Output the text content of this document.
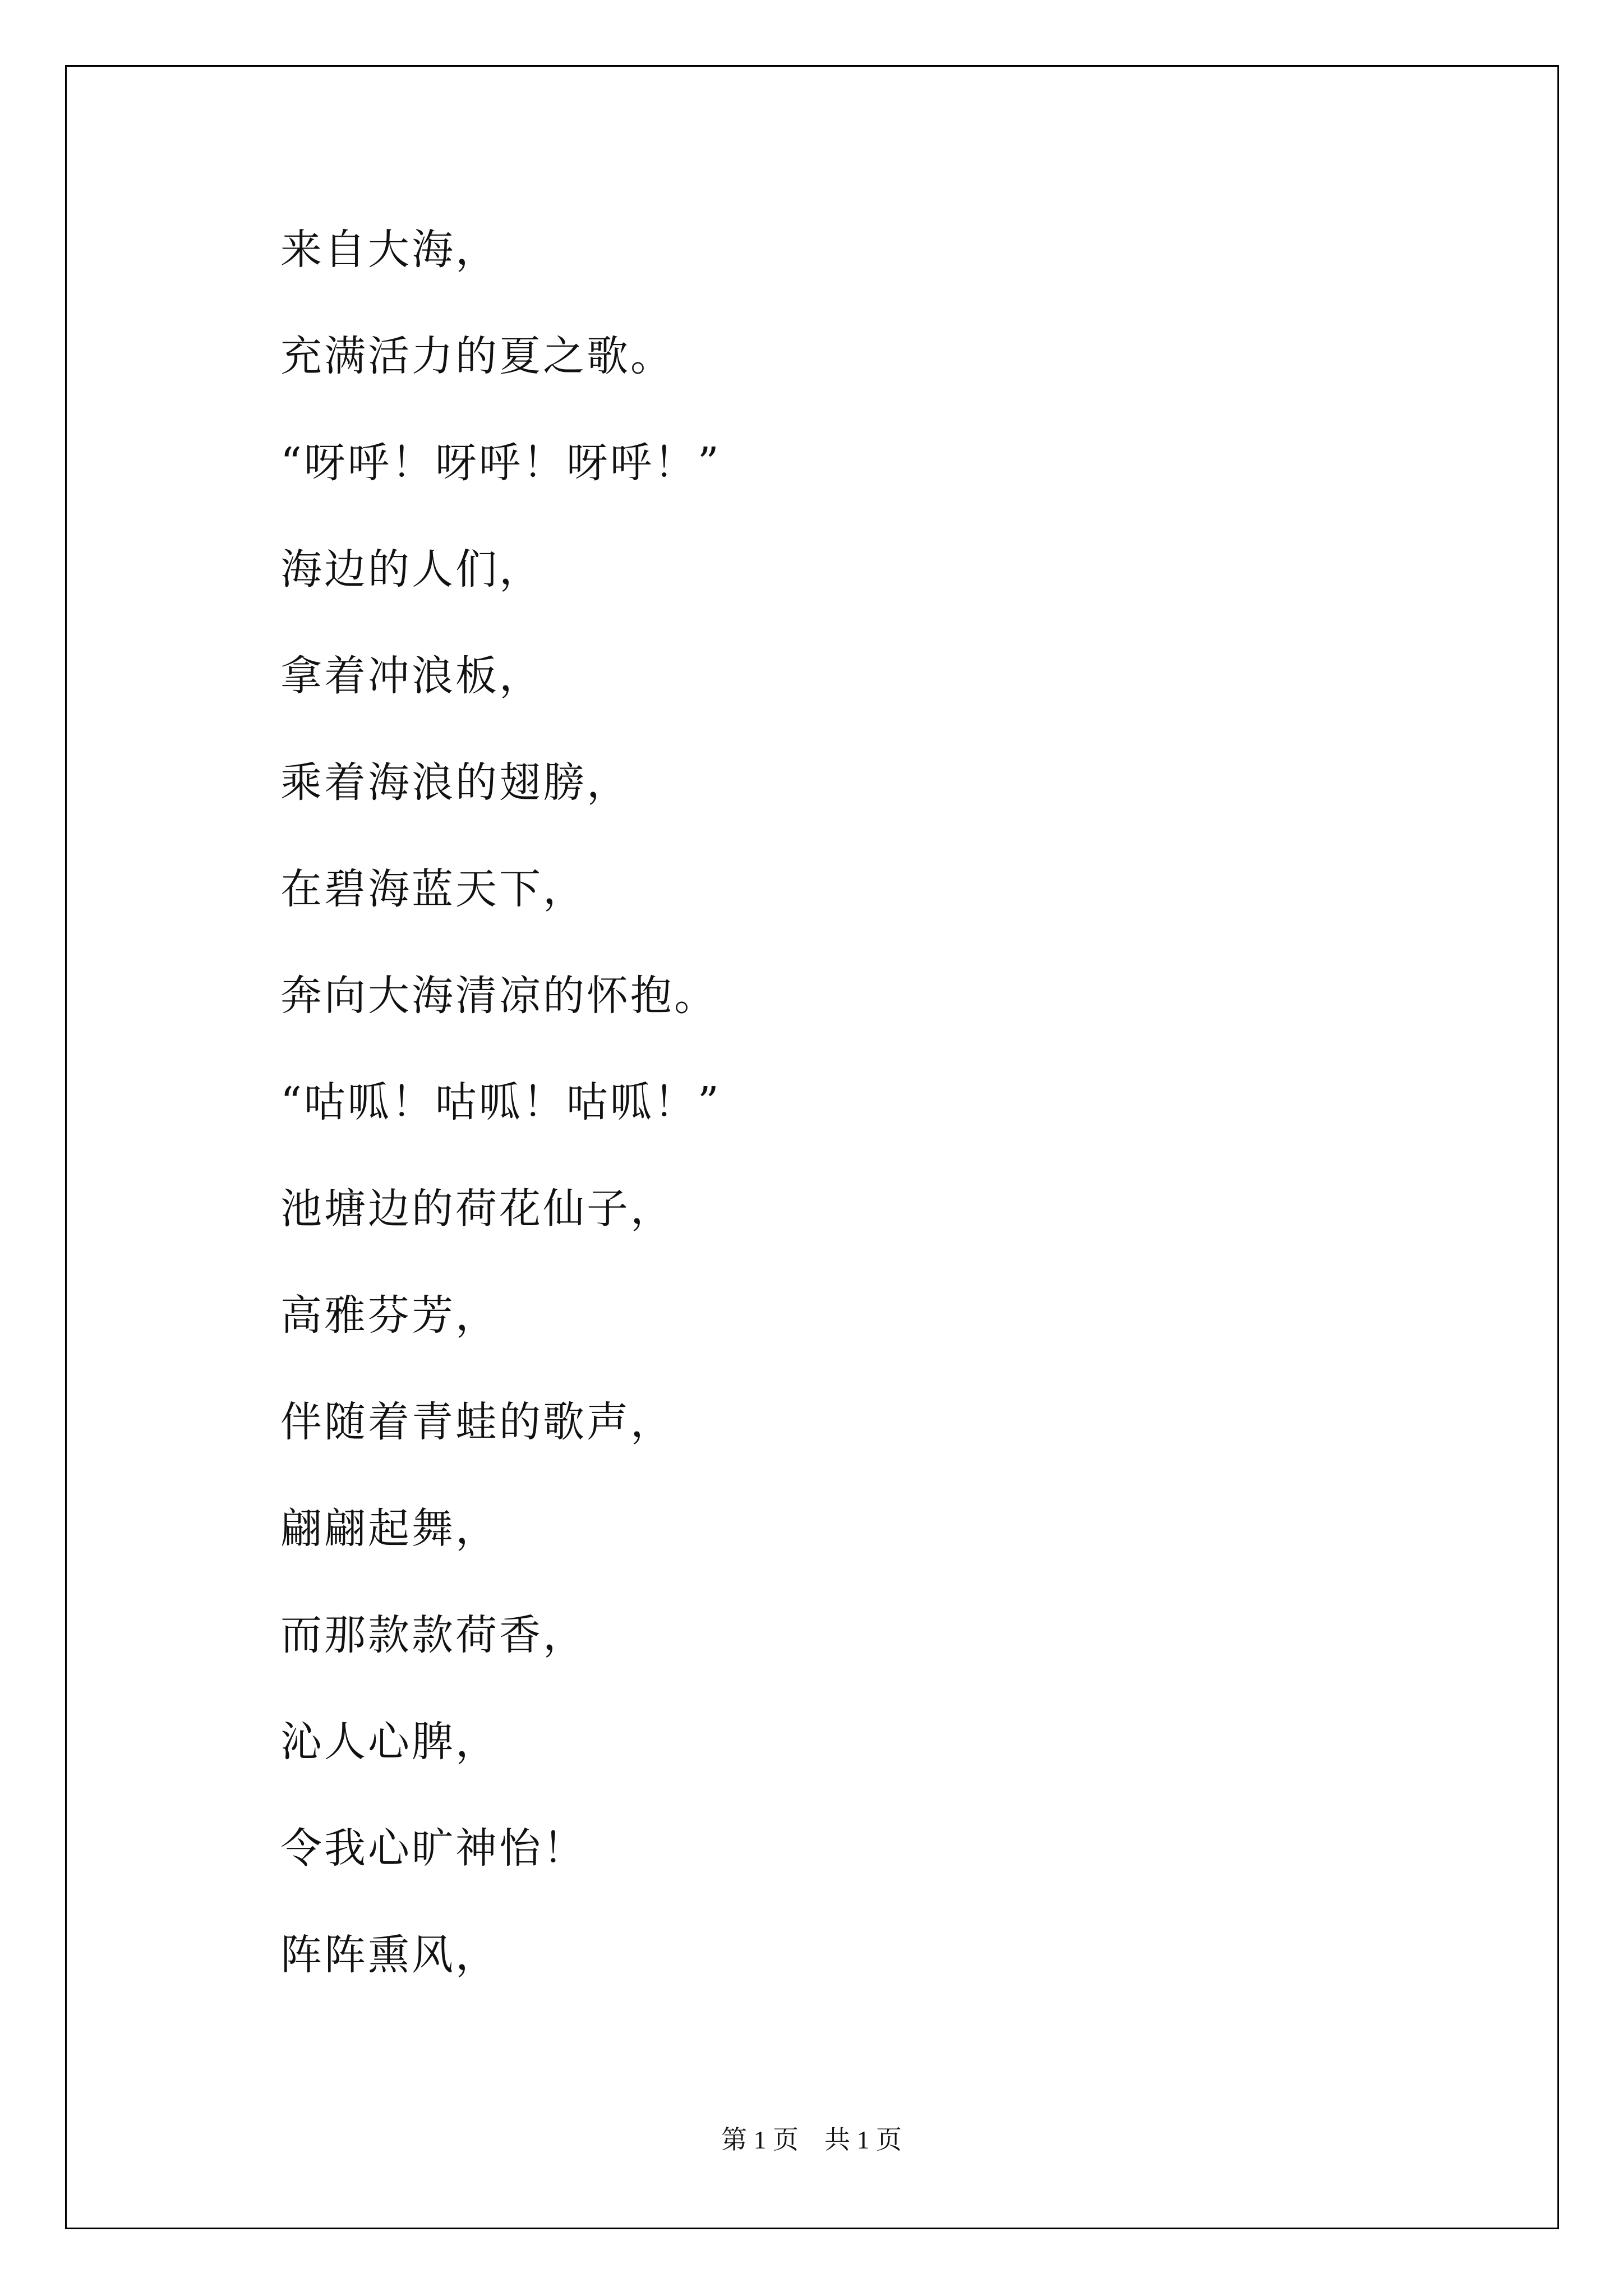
来自大海，
充满活力的夏之歌。
“呀呼！呀呼！呀呼！”
海边的人们，
拿着冲浪板，
乘着海浪的翅膀，
在碧海蓝天下，
奔向大海清凉的怀抱。
“咕呱！咕呱！咕呱！”
池塘边的荷花仙子，
高雅芬芳，
伴随着青蛙的歌声，
翩翩起舞，
而那款款荷香，
沁人心脾，
令我心旷神怡！
阵阵熏风，
第 1 页　共 1 页
